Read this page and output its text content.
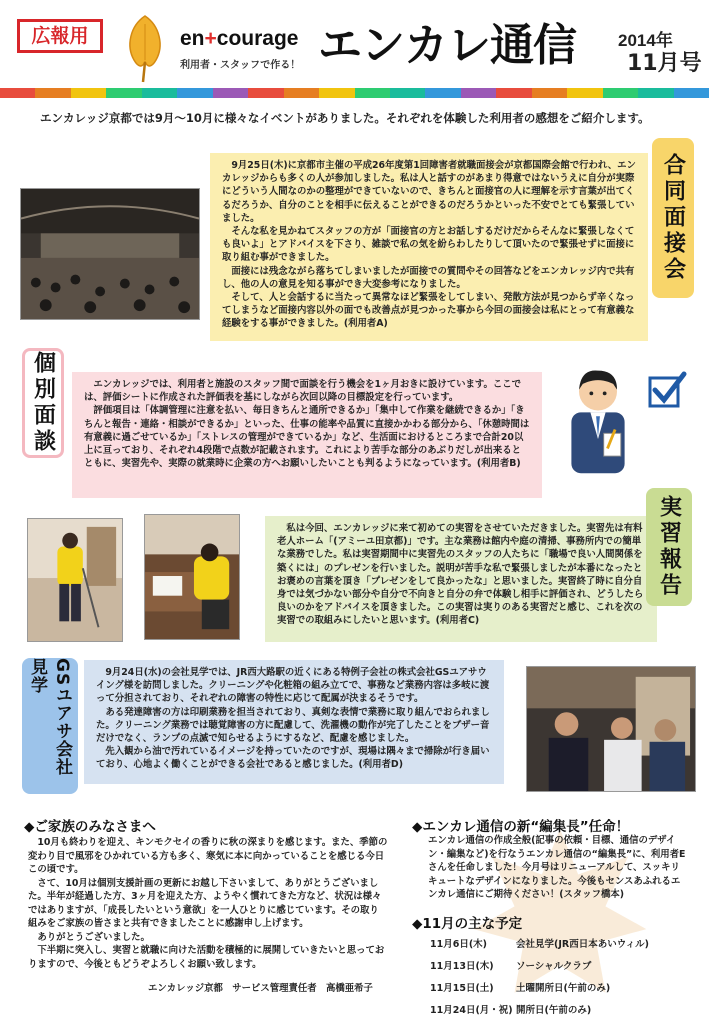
広報用	en+courage
利用者・スタッフで作る！ エンカレ通信 2014年
11月号
エンカレッジ京都では9月～10月に様々なイベントがありました。それぞれを体験した利用者の感想をご紹介します。

9月25日(木)に京都市主催の平成26年度第1回障害者就職面接会が京都国際会館で行われ、エンカレッジからも多くの人が参加しました。私は人と話すのがあまり得意ではないうえに自分が実際にどういう人間なのかの整理ができていないので、きちんと面接官の人に理解を示す言葉が出てくるだろうか、自分のことを相手に伝えることができるのだろうかといった不安でとても緊張していました。

そんな私を見かねてスタッフの方が「面接官の方とお話しするだけだからそんなに緊張しなくても良いよ」とアドバイスを下さり、雑談で私の気を紛らわしたりして頂いたので緊張せずに面接に取り組む事ができました。

面接には残念ながら落ちてしまいましたが面接での質問やその回答などをエンカレッジ内で共有し、他の人の意見を知る事ができ大変参考になりました。

そして、人と会話するに当たって異常なほど緊張をしてしまい、発散方法が見つからず辛くなってしまうなど面接内容以外の面でも改善点が見つかった事から今回の面接会は私にとって有意義な経験をする事ができました。(利用者A)

合同面接会
個別面談	エンカレッジでは、利用者と施設のスタッフ間で面談を行う機会を1ヶ月おきに設けています。ここでは、評価シートに作成された評価表を基にしながら次回以降の目標設定を行っています。

評価項目は「体調管理に注意を払い、毎日きちんと通所できるか」「集中して作業を継続できるか」「きちんと報告・連絡・相談ができるか」といった、仕事の能率や品質に直接かかわる部分から、「休憩時間は有意義に過ごせているか」「ストレスの管理ができているか」など、生活面におけるところまで合計20以上に亘っており、それぞれ4段階で点数が記載されます。これにより苦手な部分のあぶりだしが出来るとともに、実習先や、実際の就業時に企業の方へお願いしたいことも判るようになっています。(利用者B)

私は今回、エンカレッジに来て初めての実習をさせていただきました。実習先は有料老人ホーム「(アミーユ田京都)」です。主な業務は館内や庭の清掃、事務所内での簡単な業務でした。私は実習期間中に実習先のスタッフの人たちに「職場で良い人間関係を築くには」のプレゼンを行いました。説明が苦手な私で緊張しましたが本番になったとお褒めの言葉を頂き「プレゼンをして良かったな」と思いました。実習終了時に自分自身では気づかない部分や自分で不向きと自分の弁で体験し相手に評価され、どうしたら良いのかをアドバイスを頂きました。この実習は実りのある実習だと感じ、これを次の実習での取組みにしたいと思います。(利用者C)

実習報告
GSユアサ会社見学	9月24日(水)の会社見学では、JR西大路駅の近くにある特例子会社の株式会社GSユアサウイング様を訪問しました。クリーニングや化粧箱の組み立てで、事務など業務内容は多岐に渡って分担されており、それぞれの障害の特性に応じて配属が決まるそうです。

ある発達障害の方は印刷業務を担当されており、真剣な表情で業務に取り組んでおられました。クリーニング業務では聴覚障害の方に配慮して、洗濯機の動作が完了したことをブザー音だけでなく、ランプの点滅で知らせるようにするなど、配慮を感じました。

先入観から油で汚れているイメージを持っていたのですが、現場は隅々まで掃除が行き届いており、心地よく働くことができる会社であると感じました。(利用者D)

◆ご家族のみなさまへ

10月も終わりを迎え、キンモクセイの香りに秋の深まりを感じます。また、季節の変わり目で風邪をひかれている方も多く、寒気に本に向かっていることを感じる今日この頃です。

さて、10月は個別支援計画の更新にお越し下さいまして、ありがとうございました。半年が経過した方、3ヶ月を迎えた方、ようやく慣れてきた方など、状況は様々ではありますが、「成長したいという意欲」を一人ひとりに感じています。その取り組みをご家族の皆さまと共有できましたことに感謝申し上げます。

ありがとうございました。

下半期に突入し、実習と就職に向けた活動を積極的に展開していきたいと思っておりますので、今後ともどうぞよろしくお願い致します。

エンカレッジ京都　サービス管理責任者　高橋亜希子
◆エンカレ通信の新“編集長”任命！
エンカレ通信の作成全般(記事の依頼・目標、通信のデザイン・編集など)を行なうエンカレ通信の“編集長”に、利用者Eさんを任命しました！今月号はリニューアルして、スッキリキュートなデザインになりました。今後もセンスあふれるエンカレ通信にご期待ください！(スタッフ橋本)
◆11月の主な予定
11月6日(木)	会社見学(JR西日本あいウィル)
11月13日(木)	ソーシャルクラブ
11月15日(土)	土曜開所日(午前のみ)
11月24日(月・祝) 開所日(午前のみ)
